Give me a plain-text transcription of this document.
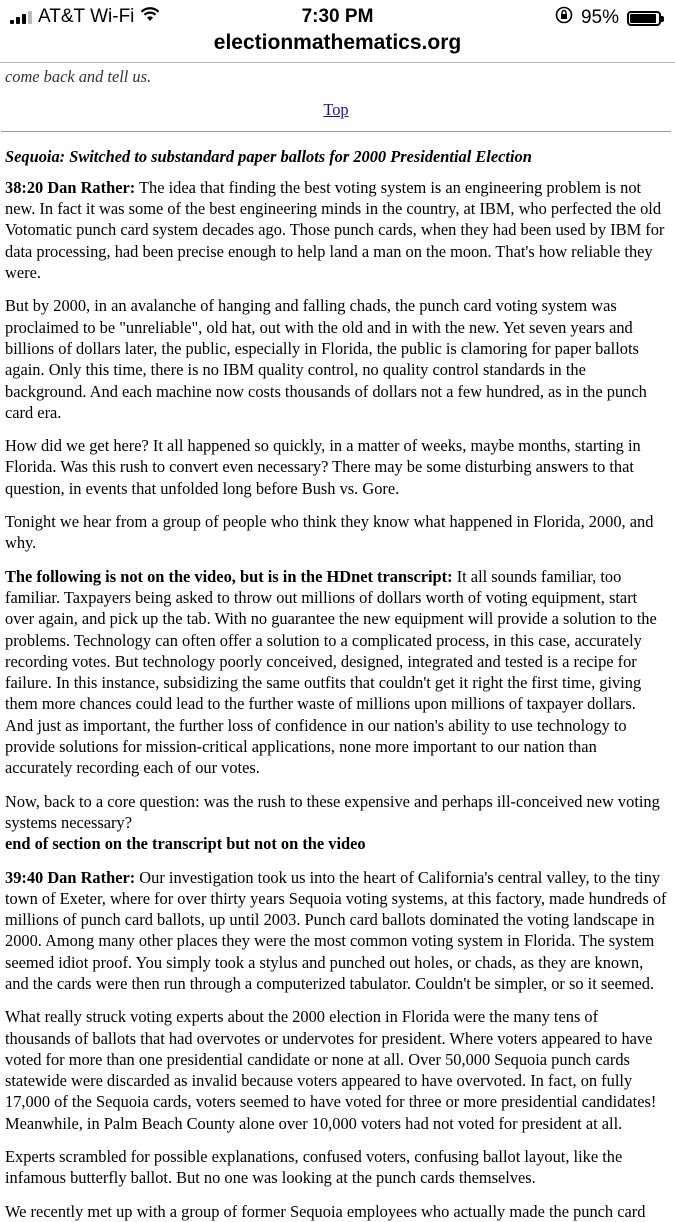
come back and tell us.

Top
Sequoia: Switched to substandard paper ballots for 2000 Presidential Election

38:20 Dan Rather: The idea that finding the best voting system is an engineering problem is not new. In fact it was some of the best engineering minds in the country, at IBM, who perfected the old Votomatic punch card system decades ago. Those punch cards, when they had been used by IBM for data processing, had been precise enough to help land a man on the moon. That's how reliable they were.

But by 2000, in an avalanche of hanging and falling chads, the punch card voting system was proclaimed to be "unreliable", old hat, out with the old and in with the new. Yet seven years and billions of dollars later, the public, especially in Florida, the public is clamoring for paper ballots again. Only this time, there is no IBM quality control, no quality control standards in the background. And each machine now costs thousands of dollars not a few hundred, as in the punch card era.

How did we get here? It all happened so quickly, in a matter of weeks, maybe months, starting in Florida. Was this rush to convert even necessary? There may be some disturbing answers to that question, in events that unfolded long before Bush vs. Gore.

Tonight we hear from a group of people who think they know what happened in Florida, 2000, and why.

The following is not on the video, but is in the HDnet transcript: It all sounds familiar, too familiar. Taxpayers being asked to throw out millions of dollars worth of voting equipment, start over again, and pick up the tab. With no guarantee the new equipment will provide a solution to the problems. Technology can often offer a solution to a complicated process, in this case, accurately recording votes. But technology poorly conceived, designed, integrated and tested is a recipe for failure. In this instance, subsidizing the same outfits that couldn't get it right the first time, giving them more chances could lead to the further waste of millions upon millions of taxpayer dollars. And just as important, the further loss of confidence in our nation's ability to use technology to provide solutions for mission-critical applications, none more important to our nation than accurately recording each of our votes.

Now, back to a core question: was the rush to these expensive and perhaps ill-conceived new voting systems necessary?
end of section on the transcript but not on the video

39:40 Dan Rather: Our investigation took us into the heart of California's central valley, to the tiny town of Exeter, where for over thirty years Sequoia voting systems, at this factory, made hundreds of millions of punch card ballots, up until 2003. Punch card ballots dominated the voting landscape in 2000. Among many other places they were the most common voting system in Florida. The system seemed idiot proof. You simply took a stylus and punched out holes, or chads, as they are known, and the cards were then run through a computerized tabulator. Couldn't be simpler, or so it seemed.

What really struck voting experts about the 2000 election in Florida were the many tens of thousands of ballots that had overvotes or undervotes for president. Where voters appeared to have voted for more than one presidential candidate or none at all. Over 50,000 Sequoia punch cards statewide were discarded as invalid because voters appeared to have overvoted. In fact, on fully 17,000 of the Sequoia cards, voters seemed to have voted for three or more presidential candidates! Meanwhile, in Palm Beach County alone over 10,000 voters had not voted for president at all.

Experts scrambled for possible explanations, confused voters, confusing ballot layout, like the infamous butterfly ballot. But no one was looking at the punch cards themselves.

We recently met up with a group of former Sequoia employees who actually made the punch card

AT&T Wi-Fi	7:30 PM	95%
electionmathematics.org
